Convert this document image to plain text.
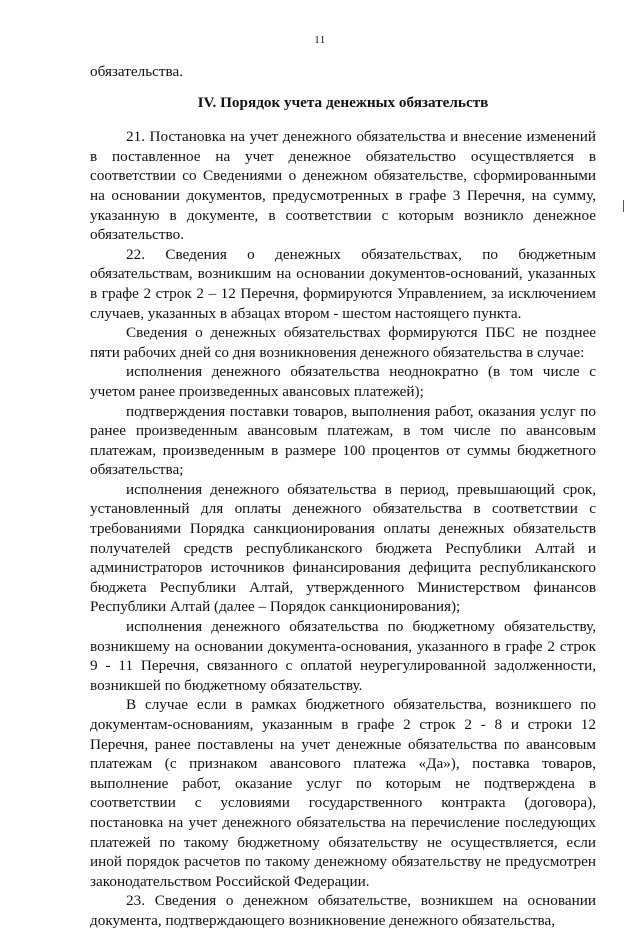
11

обязательства.

IV. Порядок учета денежных обязательств

21. Постановка на учет денежного обязательства и внесение изменений в поставленное на учет денежное обязательство осуществляется в соответствии со Сведениями о денежном обязательстве, сформированными на основании документов, предусмотренных в графе 3 Перечня, на сумму, указанную в документе, в соответствии с которым возникло денежное обязательство.

22. Сведения о денежных обязательствах, по бюджетным обязательствам, возникшим на основании документов-оснований, указанных в графе 2 строк 2 – 12 Перечня, формируются Управлением, за исключением случаев, указанных в абзацах втором - шестом настоящего пункта.

Сведения о денежных обязательствах формируются ПБС не позднее пяти рабочих дней со дня возникновения денежного обязательства в случае:

исполнения денежного обязательства неоднократно (в том числе с учетом ранее произведенных авансовых платежей);

подтверждения поставки товаров, выполнения работ, оказания услуг по ранее произведенным авансовым платежам, в том числе по авансовым платежам, произведенным в размере 100 процентов от суммы бюджетного обязательства;

исполнения денежного обязательства в период, превышающий срок, установленный для оплаты денежного обязательства в соответствии с требованиями Порядка санкционирования оплаты денежных обязательств получателей средств республиканского бюджета Республики Алтай и администраторов источников финансирования дефицита республиканского бюджета Республики Алтай, утвержденного Министерством финансов Республики Алтай (далее – Порядок санкционирования);

исполнения денежного обязательства по бюджетному обязательству, возникшему на основании документа-основания, указанного в графе 2 строк 9 - 11 Перечня, связанного с оплатой неурегулированной задолженности, возникшей по бюджетному обязательству.

В случае если в рамках бюджетного обязательства, возникшего по документам-основаниям, указанным в графе 2 строк 2 - 8 и строки 12 Перечня, ранее поставлены на учет денежные обязательства по авансовым платежам (с признаком авансового платежа «Да»), поставка товаров, выполнение работ, оказание услуг по которым не подтверждена в соответствии с условиями государственного контракта (договора), постановка на учет денежного обязательства на перечисление последующих платежей по такому бюджетному обязательству не осуществляется, если иной порядок расчетов по такому денежному обязательству не предусмотрен законодательством Российской Федерации.

23. Сведения о денежном обязательстве, возникшем на основании документа, подтверждающего возникновение денежного обязательства,
